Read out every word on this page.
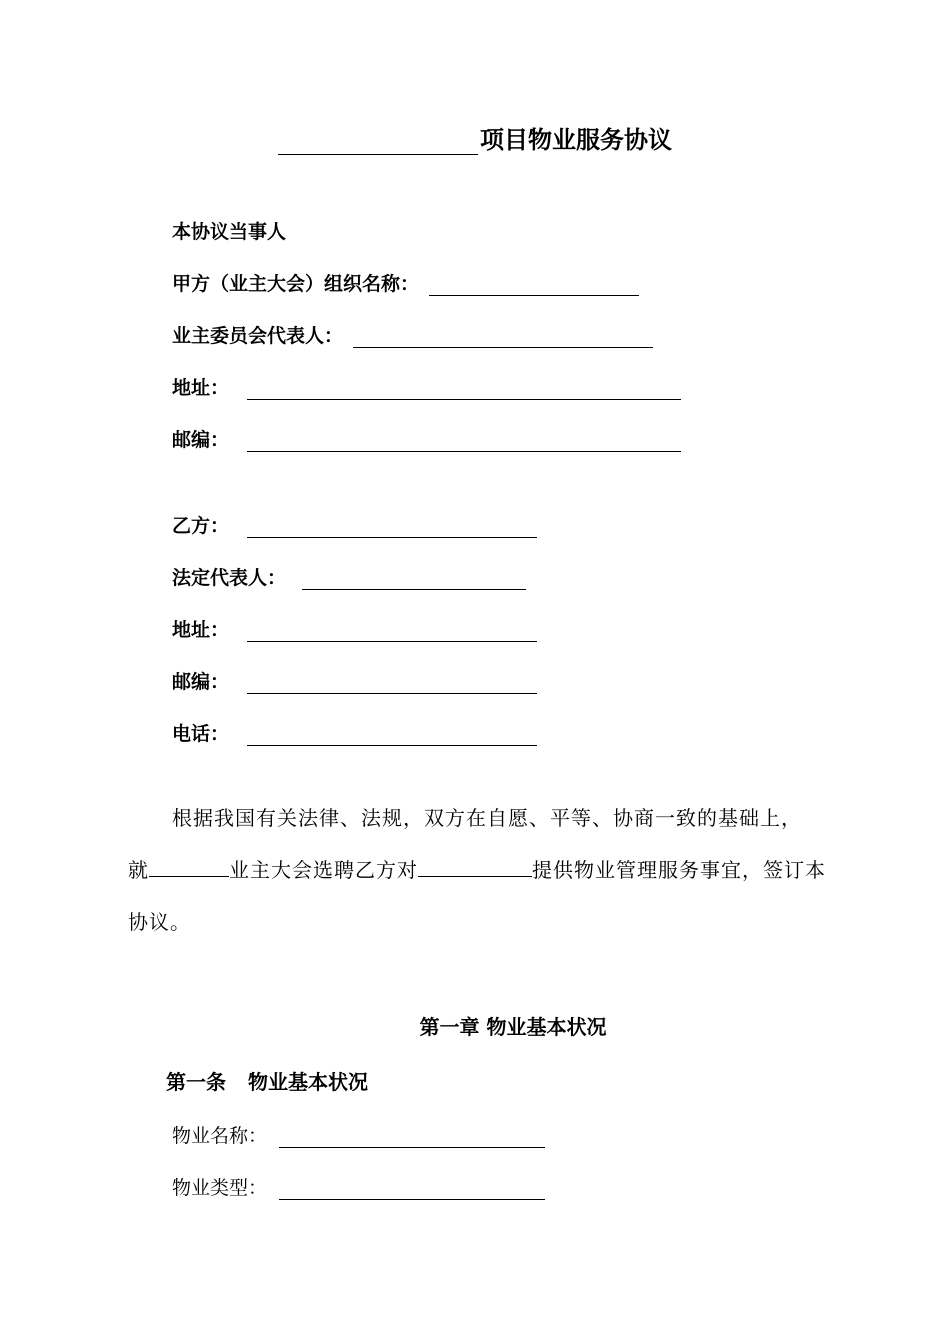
项目物业服务协议
本协议当事人
甲方（业主大会）组织名称：
业主委员会代表人：
地址：
邮编：
乙方：
法定代表人：
地址：
邮编：
电话：
根据我国有关法律、法规，双方在自愿、平等、协商一致的基础上，
就	业主大会选聘乙方对	提供物业管理服务事宜，签订本
协议。
第一章 物业基本状况
第一条 物业基本状况
物业名称：
物业类型：
